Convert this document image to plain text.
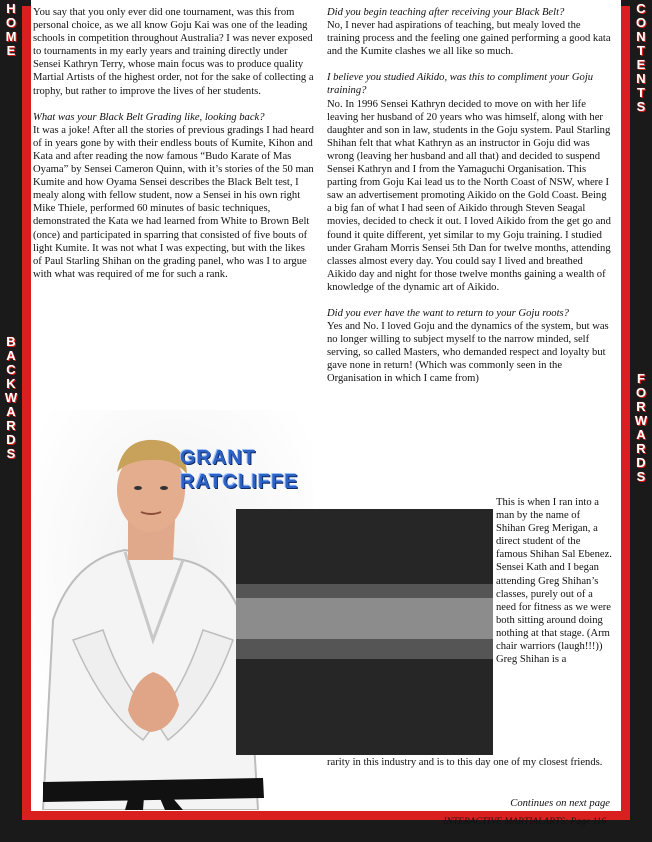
H
O
M
E
B
A
C
K
W
A
R
D
S
C
O
N
T
E
N
T
S
F
O
R
W
A
R
D
S

You say that you only ever did one tournament, was this from personal choice, as we all know Goju Kai was one of the leading schools in competition throughout Australia? I was never exposed to tournaments in my early years and training directly under Sensei Kathryn Terry, whose main focus was to produce quality Martial Artists of the highest order, not for the sake of collecting a trophy, but rather to improve the lives of her students.

What was your Black Belt Grading like, looking back?

It was a joke! After all the stories of previous gradings I had heard of in years gone by with their endless bouts of Kumite, Kihon and Kata and after reading the now famous “Budo Karate of Mas Oyama” by Sensei Cameron Quinn, with it’s stories of the 50 man Kumite and how Oyama Sensei describes the Black Belt test, I mealy along with fellow student, now a Sensei in his own right Mike Thiele, performed 60 minutes of basic techniques, demonstrated the Kata we had learned from White to Brown Belt (once) and participated in sparring that consisted of five bouts of light Kumite. It was not what I was expecting, but with the likes of Paul Starling Shihan on the grading panel, who was I to argue with what was required of me for such a rank.

Did you begin teaching after receiving your Black Belt?

No, I never had aspirations of teaching, but mealy loved the training process and the feeling one gained performing a good kata and the Kumite clashes we all like so much.

I believe you studied Aikido, was this to compliment your Goju training?

No. In 1996 Sensei Kathryn decided to move on with her life leaving her husband of 20 years who was himself, along with her daughter and son in law, students in the Goju system. Paul Starling Shihan felt that what Kathryn as an instructor in Goju did was wrong (leaving her husband and all that) and decided to suspend Sensei Kathryn and I from the Yamaguchi Organisation. This parting from Goju Kai lead us to the North Coast of NSW, where I saw an advertisement promoting Aikido on the Gold Coast. Being a big fan of what I had seen of Aikido through Steven Seagal movies, decided to check it out. I loved Aikido from the get go and found it quite different, yet similar to my Goju training. I studied under Graham Morris Sensei 5th Dan for twelve months, attending classes almost every day. You could say I lived and breathed Aikido day and night for those twelve months gaining a wealth of knowledge of the dynamic art of Aikido.

Did you ever have the want to return to your Goju roots?

Yes and No. I loved Goju and the dynamics of the system, but was no longer willing to subject myself to the narrow minded, self serving, so called Masters, who demanded respect and loyalty but gave none in return! (Which was commonly seen in the Organisation in which I came from)

GRANT
RATCLIFFE
This is when I ran into a man by the name of Shihan Greg Merigan, a direct student of the famous Shihan Sal Ebenez. Sensei Kath and I began attending Greg Shihan’s classes, purely out of a need for fitness as we were both sitting around doing nothing at that stage. (Arm chair warriors (laugh!!!)) Greg Shihan is a
rarity in this industry and is to this day one of my closest friends.
Continues on next page
INTERACTIVE MARTIALARTS: Page 116
